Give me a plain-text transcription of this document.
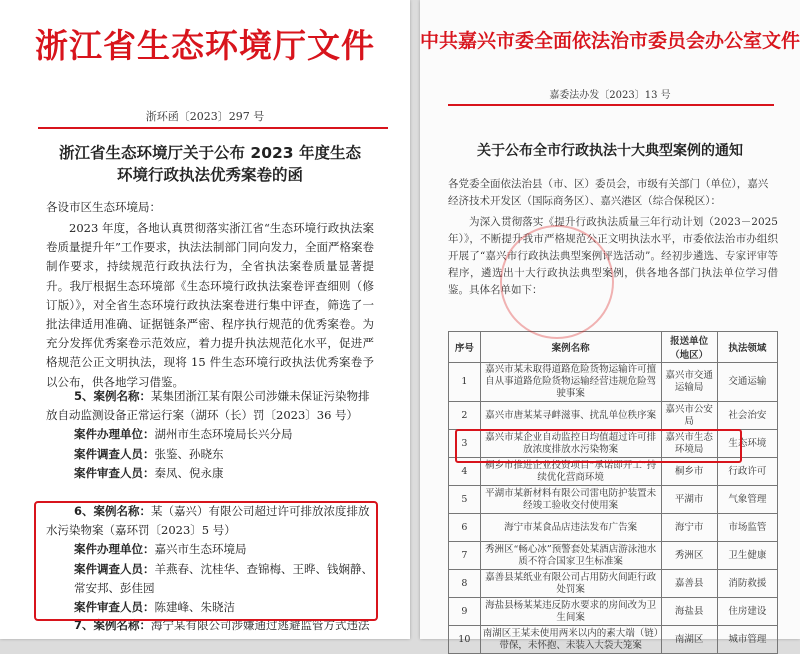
浙江省生态环境厅文件
浙环函〔2023〕297 号
浙江省生态环境厅关于公布 2023 年度生态
环境行政执法优秀案卷的函
各设市区生态环境局：
2023 年度，各地认真贯彻落实浙江省“生态环境行政执法案卷质量提升年”工作要求，执法法制部门同向发力，全面严格案卷制作要求，持续规范行政执法行为，全省执法案卷质量显著提升。我厅根据生态环境部《生态环境行政执法案卷评查细则（修订版）》，对全省生态环境行政执法案卷进行集中评查，筛选了一批法律适用准确、证据链条严密、程序执行规范的优秀案卷。为充分发挥优秀案卷示范效应，着力提升执法规范化水平，促进严格规范公正文明执法，现将 15 件生态环境行政执法优秀案卷予以公布，供各地学习借鉴。
5、案例名称：某集团浙江某有限公司涉嫌未保证污染物排放自动监测设备正常运行案（湖环（长）罚〔2023〕36 号）
案件办理单位：湖州市生态环境局长兴分局
案件调查人员：张鉴、孙晓东
案件审查人员：秦凤、倪永康
6、案例名称：某（嘉兴）有限公司超过许可排放浓度排放水污染物案（嘉环罚〔2023〕5 号）
案件办理单位：嘉兴市生态环境局
案件调查人员：羊燕春、沈桂华、查锦梅、王晔、钱娴静、常安邦、彭佳园
案件审查人员：陈建峰、朱晓洁
7、案例名称：海宁某有限公司涉嫌通过逃避监管方式违法
中共嘉兴市委全面依法治市委员会办公室文件
嘉委法办发〔2023〕13 号
关于公布全市行政执法十大典型案例的通知
各党委全面依法治县（市、区）委员会，市级有关部门（单位），嘉兴经济技术开发区（国际商务区）、嘉兴港区（综合保税区）：
为深入贯彻落实《提升行政执法质量三年行动计划（2023－2025 年）》，不断提升我市严格规范公正文明执法水平，市委依法治市办组织开展了“嘉兴市行政执法典型案例评选活动”。经初步遴选、专家评审等程序，遴选出十大行政执法典型案例，供各地各部门执法单位学习借鉴。具体名单如下：
序号	案例名称	报送单位（地区）	执法领域
1	嘉兴市某未取得道路危险货物运输许可擅自从事道路危险货物运输经营违规危险驾驶事案	嘉兴市交通运输局	交通运输
2	嘉兴市唐某某寻衅滋事、扰乱单位秩序案	嘉兴市公安局	社会治安
3	嘉兴市某企业自动监控日均值超过许可排放浓度排放水污染物案	嘉兴市生态环境局	生态环境
4	桐乡市推进企业投资项目“承诺即开工”持续优化营商环境	桐乡市	行政许可
5	平湖市某新材料有限公司雷电防护装置未经竣工验收交付使用案	平湖市	气象管理
6	海宁市某食品店违法发布广告案	海宁市	市场监管
7	秀洲区“畅心冰”预警套处某酒店游泳池水质不符合国家卫生标准案	秀洲区	卫生健康
8	嘉善县某纸业有限公司占用防火间距行政处罚案	嘉善县	消防救援
9	海盐县杨某某违反防水要求的房间改为卫生间案	海盐县	住房建设
10	南湖区王某未使用两米以内的素大端（链）带保，未怀抱、未装入大袋大笼案	南湖区	城市管理
